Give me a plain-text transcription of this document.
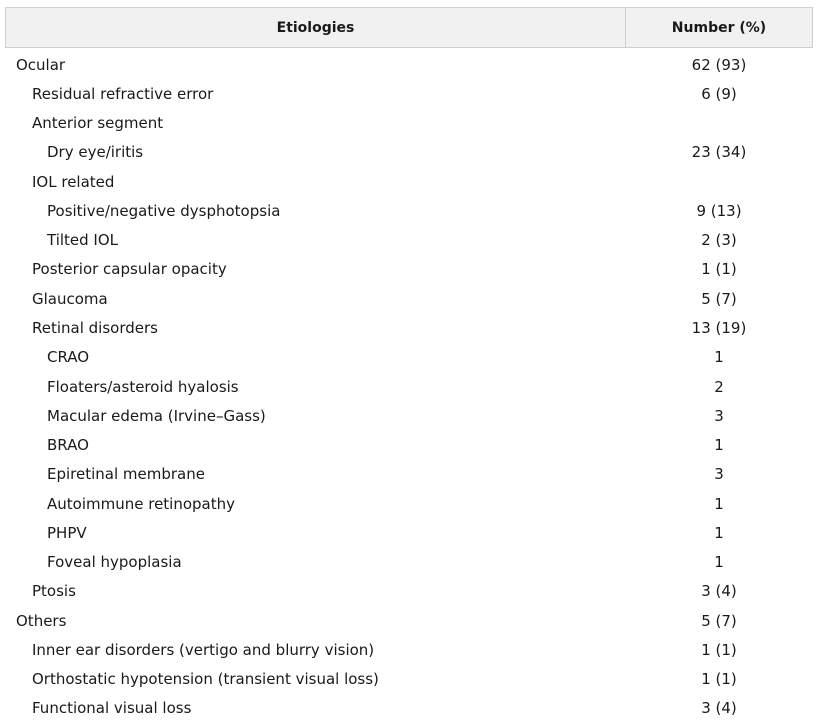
Etiologies	Number (%)
Ocular	62 (93)
Residual refractive error	6 (9)
Anterior segment
Dry eye/iritis	23 (34)
IOL related
Positive/negative dysphotopsia	9 (13)
Tilted IOL	2 (3)
Posterior capsular opacity	1 (1)
Glaucoma	5 (7)
Retinal disorders	13 (19)
CRAO	1
Floaters/asteroid hyalosis	2
Macular edema (Irvine–Gass)	3
BRAO	1
Epiretinal membrane	3
Autoimmune retinopathy	1
PHPV	1
Foveal hypoplasia	1
Ptosis	3 (4)
Others	5 (7)
Inner ear disorders (vertigo and blurry vision)	1 (1)
Orthostatic hypotension (transient visual loss)	1 (1)
Functional visual loss	3 (4)
